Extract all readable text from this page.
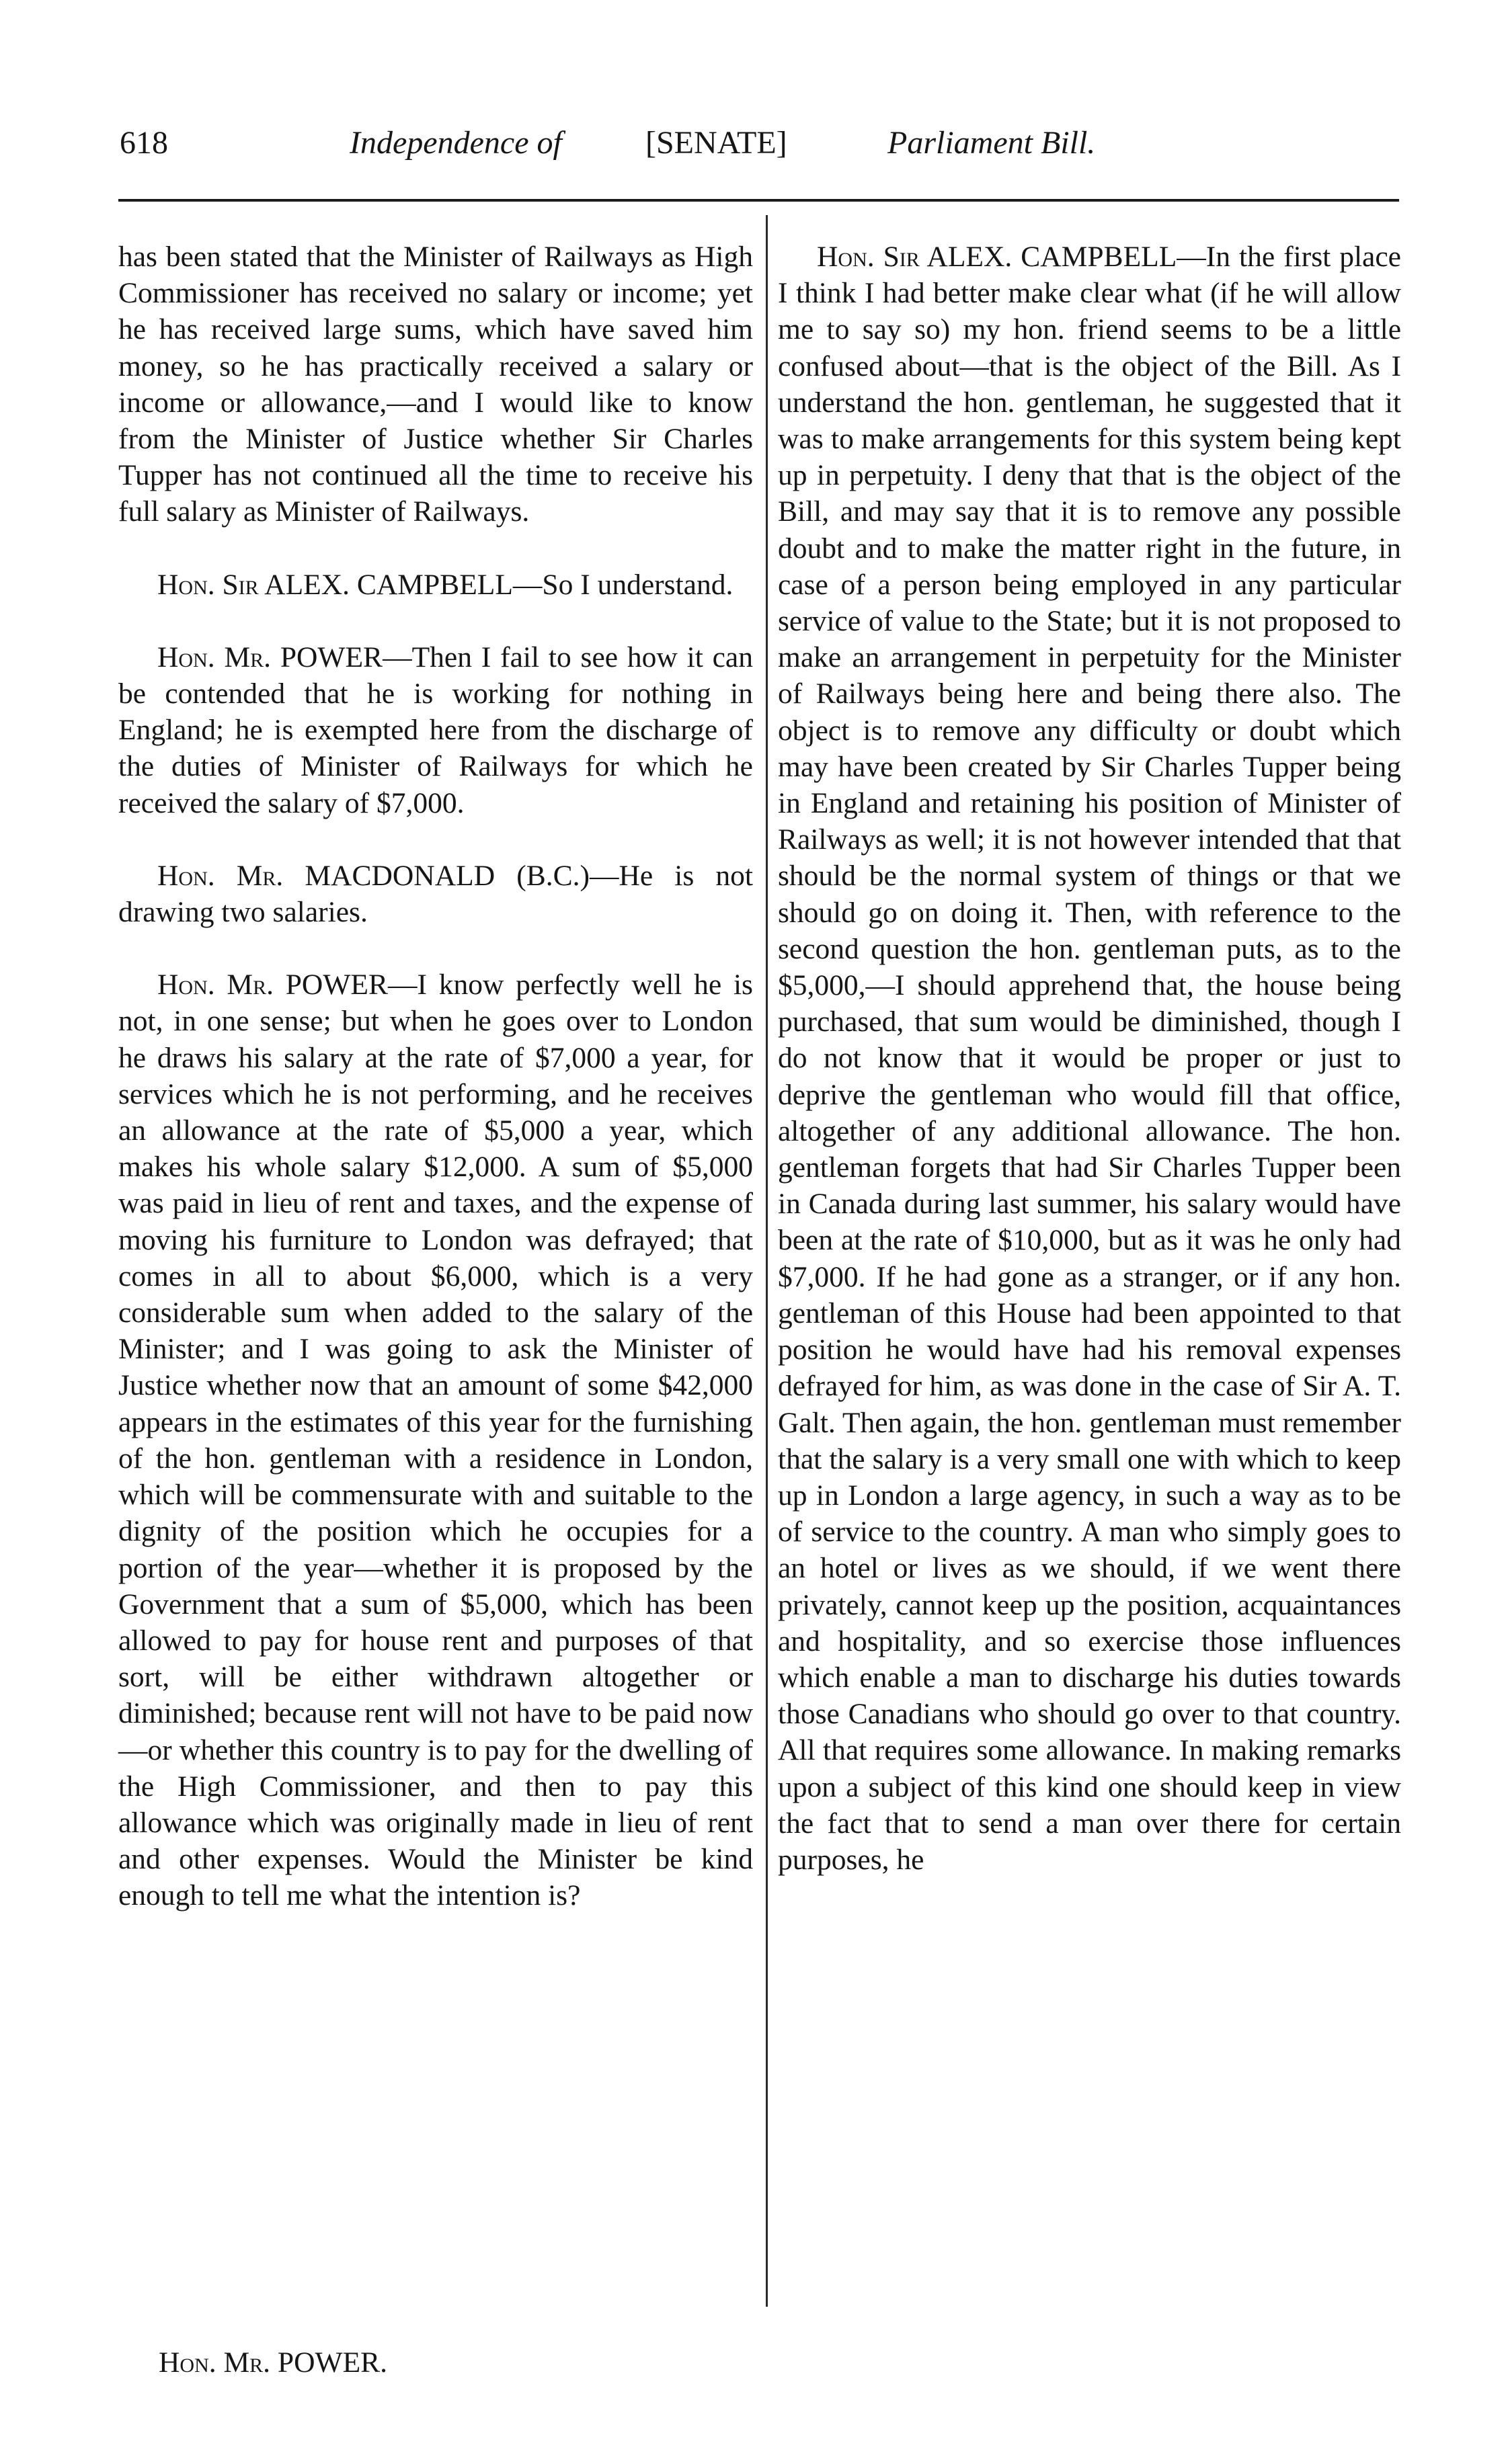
618	Independence of	[SENATE]	Parliament Bill.

has been stated that the Minister of Railways as High Commissioner has received no salary or income; yet he has received large sums, which have saved him money, so he has practically received a salary or income or allowance,—and I would like to know from the Minister of Justice whether Sir Charles Tupper has not continued all the time to receive his full salary as Minister of Railways.

Hon. Sir ALEX. CAMPBELL—So I understand.

Hon. Mr. POWER—Then I fail to see how it can be contended that he is working for nothing in England; he is exempted here from the discharge of the duties of Minister of Railways for which he received the salary of $7,000.

Hon. Mr. MACDONALD (B.C.)—He is not drawing two salaries.

Hon. Mr. POWER—I know perfectly well he is not, in one sense; but when he goes over to London he draws his salary at the rate of $7,000 a year, for services which he is not performing, and he receives an allowance at the rate of $5,000 a year, which makes his whole salary $12,000. A sum of $5,000 was paid in lieu of rent and taxes, and the expense of moving his furniture to London was defrayed; that comes in all to about $6,000, which is a very considerable sum when added to the salary of the Minister; and I was going to ask the Minister of Justice whether now that an amount of some $42,000 appears in the estimates of this year for the furnishing of the hon. gentleman with a residence in London, which will be commensurate with and suitable to the dignity of the position which he occupies for a portion of the year—whether it is proposed by the Government that a sum of $5,000, which has been allowed to pay for house rent and purposes of that sort, will be either withdrawn altogether or diminished; because rent will not have to be paid now—or whether this country is to pay for the dwelling of the High Commissioner, and then to pay this allowance which was originally made in lieu of rent and other expenses. Would the Minister be kind enough to tell me what the intention is?

Hon. Sir ALEX. CAMPBELL—In the first place I think I had better make clear what (if he will allow me to say so) my hon. friend seems to be a little confused about—that is the object of the Bill. As I understand the hon. gentleman, he suggested that it was to make arrangements for this system being kept up in perpetuity. I deny that that is the object of the Bill, and may say that it is to remove any possible doubt and to make the matter right in the future, in case of a person being employed in any particular service of value to the State; but it is not proposed to make an arrangement in perpetuity for the Minister of Railways being here and being there also. The object is to remove any difficulty or doubt which may have been created by Sir Charles Tupper being in England and retaining his position of Minister of Railways as well; it is not however intended that that should be the normal system of things or that we should go on doing it. Then, with reference to the second question the hon. gentleman puts, as to the $5,000,—I should apprehend that, the house being purchased, that sum would be diminished, though I do not know that it would be proper or just to deprive the gentleman who would fill that office, altogether of any additional allowance. The hon. gentleman forgets that had Sir Charles Tupper been in Canada during last summer, his salary would have been at the rate of $10,000, but as it was he only had $7,000. If he had gone as a stranger, or if any hon. gentleman of this House had been appointed to that position he would have had his removal expenses defrayed for him, as was done in the case of Sir A. T. Galt. Then again, the hon. gentleman must remember that the salary is a very small one with which to keep up in London a large agency, in such a way as to be of service to the country. A man who simply goes to an hotel or lives as we should, if we went there privately, cannot keep up the position, acquaintances and hospitality, and so exercise those influences which enable a man to discharge his duties towards those Canadians who should go over to that country. All that requires some allowance. In making remarks upon a subject of this kind one should keep in view the fact that to send a man over there for certain purposes, he

Hon. Mr. POWER.
